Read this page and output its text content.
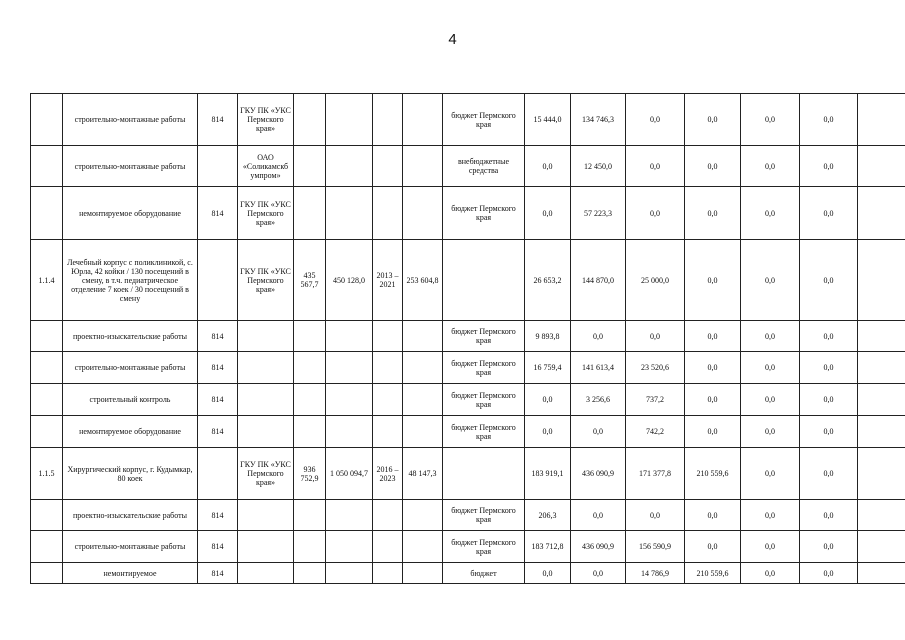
4
	строительно-монтажные работы	814	ГКУ ПК «УКС Пермского края»					бюджет Пермского края	15 444,0	134 746,3	0,0	0,0	0,0	0,0	
	строительно-монтажные работы		ОАО «Соликамскб умпром»					внебюджетные средства	0,0	12 450,0	0,0	0,0	0,0	0,0	
	немонтируемое оборудование	814	ГКУ ПК «УКС Пермского края»					бюджет Пермского края	0,0	57 223,3	0,0	0,0	0,0	0,0	
1.1.4	Лечебный корпус с поликлиникой, с. Юрла, 42 койки / 130 посещений в смену, в т.ч. педиатрическое отделение 7 коек / 30 посещений в смену		ГКУ ПК «УКС Пермского края»	435 567,7	450 128,0	2013 – 2021	253 604,8		26 653,2	144 870,0	25 000,0	0,0	0,0	0,0	
	проектно-изыскательские работы	814						бюджет Пермского края	9 893,8	0,0	0,0	0,0	0,0	0,0	
	строительно-монтажные работы	814						бюджет Пермского края	16 759,4	141 613,4	23 520,6	0,0	0,0	0,0	
	строительный контроль	814						бюджет Пермского края	0,0	3 256,6	737,2	0,0	0,0	0,0	
	немонтируемое оборудование	814						бюджет Пермского края	0,0	0,0	742,2	0,0	0,0	0,0	
1.1.5	Хирургический корпус, г. Кудымкар, 80 коек		ГКУ ПК «УКС Пермского края»	936 752,9	1 050 094,7	2016 – 2023	48 147,3		183 919,1	436 090,9	171 377,8	210 559,6	0,0	0,0	
	проектно-изыскательские работы	814						бюджет Пермского края	206,3	0,0	0,0	0,0	0,0	0,0	
	строительно-монтажные работы	814						бюджет Пермского края	183 712,8	436 090,9	156 590,9	0,0	0,0	0,0	
	немонтируемое	814						бюджет	0,0	0,0	14 786,9	210 559,6	0,0	0,0	
